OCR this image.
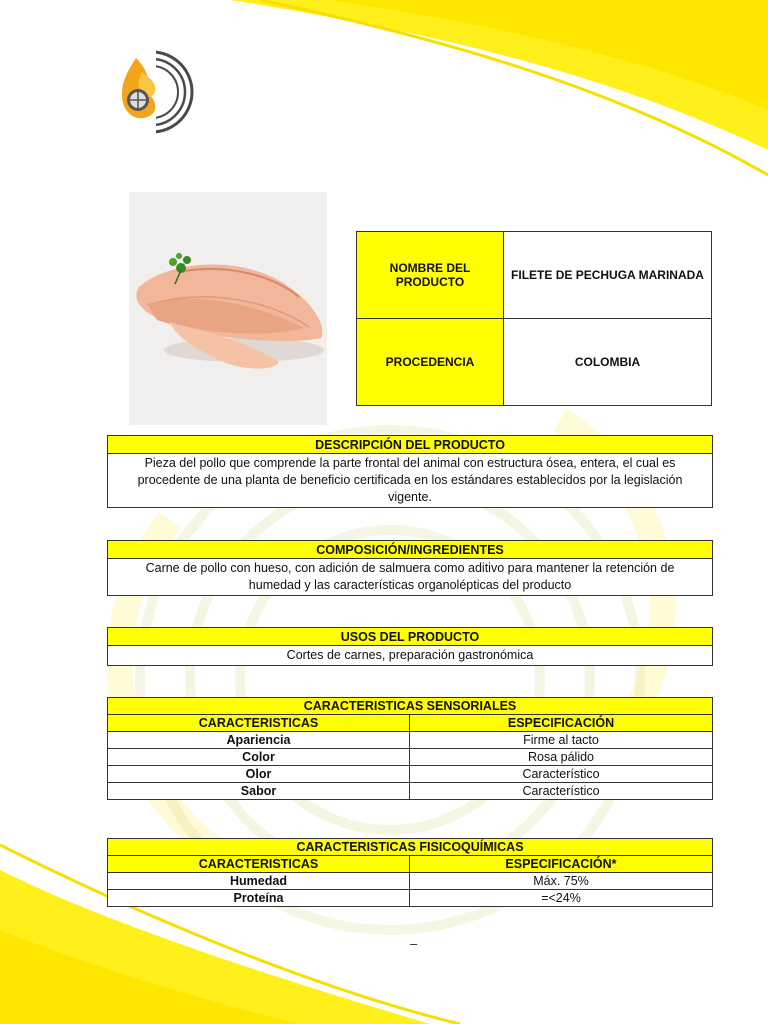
NOMBRE DEL PRODUCTO	FILETE DE PECHUGA MARINADA
PROCEDENCIA	COLOMBIA
DESCRIPCIÓN DEL PRODUCTO
Pieza del pollo que comprende la parte frontal del animal con estructura ósea, entera, el cual es procedente de una planta de beneficio certificada en los estándares establecidos por la legislación vigente.
COMPOSICIÓN/INGREDIENTES
Carne de pollo con hueso, con adición de salmuera como aditivo para mantener la retención de humedad y las características organolépticas del producto
USOS DEL PRODUCTO
Cortes de carnes, preparación gastronómica
CARACTERISTICAS SENSORIALES	
CARACTERISTICAS	ESPECIFICACIÓN
Apariencia	Firme al tacto
Color	Rosa pálido
Olor	Característico
Sabor	Característico
CARACTERISTICAS FISICOQUÍMICAS	
CARACTERISTICAS	ESPECIFICACIÓN*
Humedad	Máx. 75%
Proteína	=<24%
–
